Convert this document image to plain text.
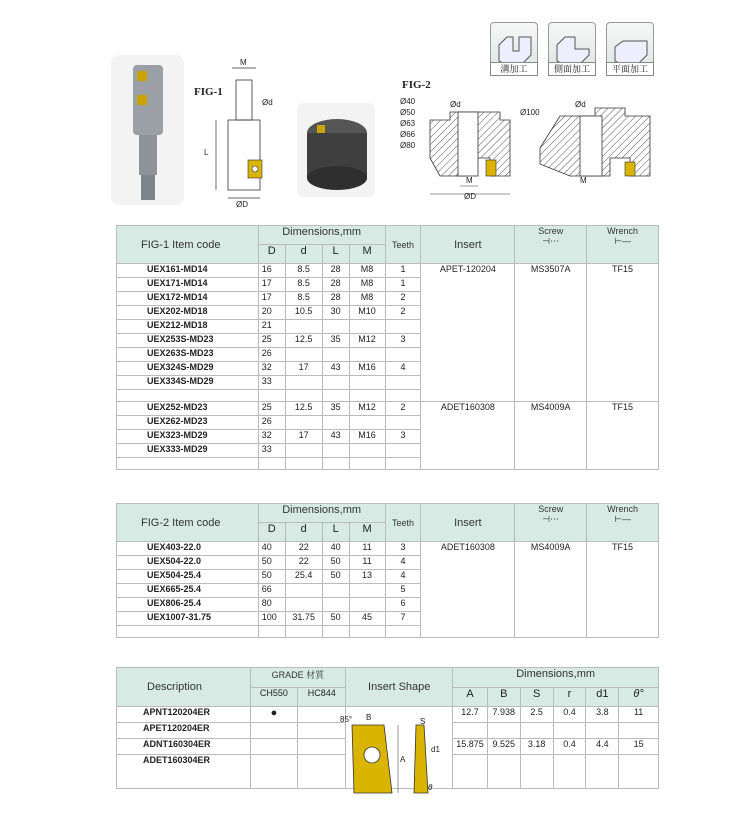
溝加工	側面加工	平面加工
FIG-1
M
Ød
L
ØD
FIG-2
Ø40
Ø50
Ø63
Ø66
Ø80
Ød
Ø100
Ød
M
ØD
M
FIG-1 Item code	Dimensions,mm				Teeth	Insert	Screw
⊣⋯	Wrench
⊢—
	D	d	L	M				
UEX161-MD14	16	8.5	28	M8	1	APET-120204	MS3507A	TF15
UEX171-MD14	17	8.5	28	M8	1			
UEX172-MD14	17	8.5	28	M8	2			
UEX202-MD18	20	10.5	30	M10	2			
UEX212-MD18	21							
UEX253S-MD23	25	12.5	35	M12	3			
UEX263S-MD23	26							
UEX324S-MD29	32	17	43	M16	4			
UEX334S-MD29	33							

UEX252-MD23	25	12.5	35	M12	2	ADET160308	MS4009A	TF15
UEX262-MD23	26							
UEX323-MD29	32	17	43	M16	3			
UEX333-MD29	33							

FIG-2 Item code	Dimensions,mm				Teeth	Insert	Screw
⊣⋯	Wrench
⊢—
	D	d	L	M				
UEX403-22.0	40	22	40	11	3	ADET160308	MS4009A	TF15
UEX504-22.0	50	22	50	11	4			
UEX504-25.4	50	25.4	50	13	4			
UEX665-25.4	66				5			
UEX806-25.4	80				6			
UEX1007-31.75	100	31.75	50	45	7			

Description	GRADE 材質		Insert Shape	Dimensions,mm					
	CH550	HC844		A	B	S	r	d1	θ°
APNT120204ER	●			12.7	7.938	2.5	0.4	3.8	11
APET120204ER									
ADNT160304ER				15.875	9.525	3.18	0.4	4.4	15
ADET160304ER									
85° B	S
A
d1
θ
